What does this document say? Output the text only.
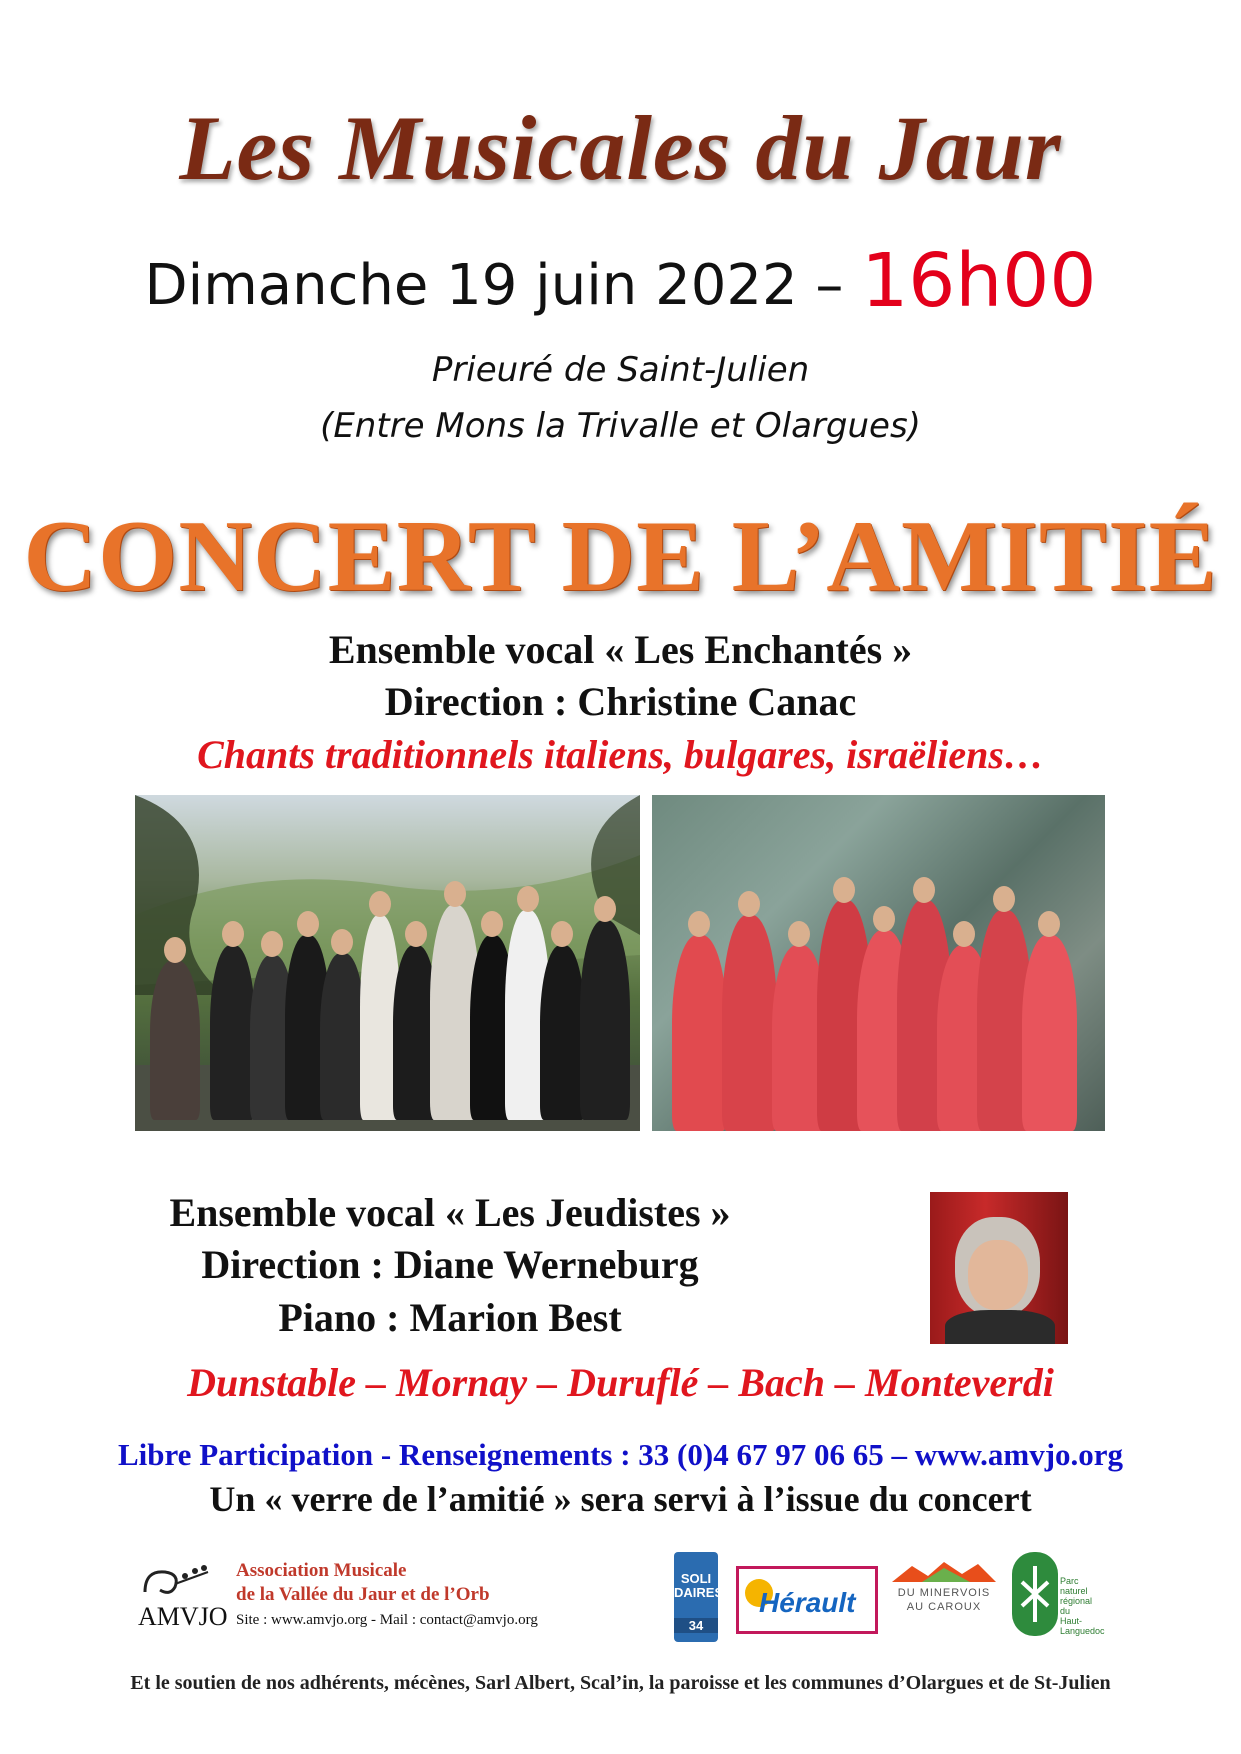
Les Musicales du Jaur
Dimanche 19 juin 2022 – 16h00
Prieuré de Saint-Julien
(Entre Mons la Trivalle et Olargues)
CONCERT DE L’AMITIÉ
Ensemble vocal « Les Enchantés »
Direction : Christine Canac
Chants traditionnels italiens, bulgares, israëliens…
Ensemble vocal « Les Jeudistes »
Direction : Diane Werneburg
Piano : Marion Best
Dunstable – Mornay – Duruflé – Bach – Monteverdi
Libre Participation - Renseignements : 33 (0)4 67 97 06 65 – www.amvjo.org
Un « verre de l’amitié » sera servi à l’issue du concert
AMVJO
Association Musicale
de la Vallée du Jaur et de l’Orb
Site : www.amvjo.org - Mail : contact@amvjo.org
SOLI DAIRES
34
Hérault	DU MINERVOIS AU CAROUX
Parc naturel régional du Haut-Languedoc
Et le soutien de nos adhérents, mécènes, Sarl Albert, Scal’in, la paroisse et les communes d’Olargues et de St-Julien
